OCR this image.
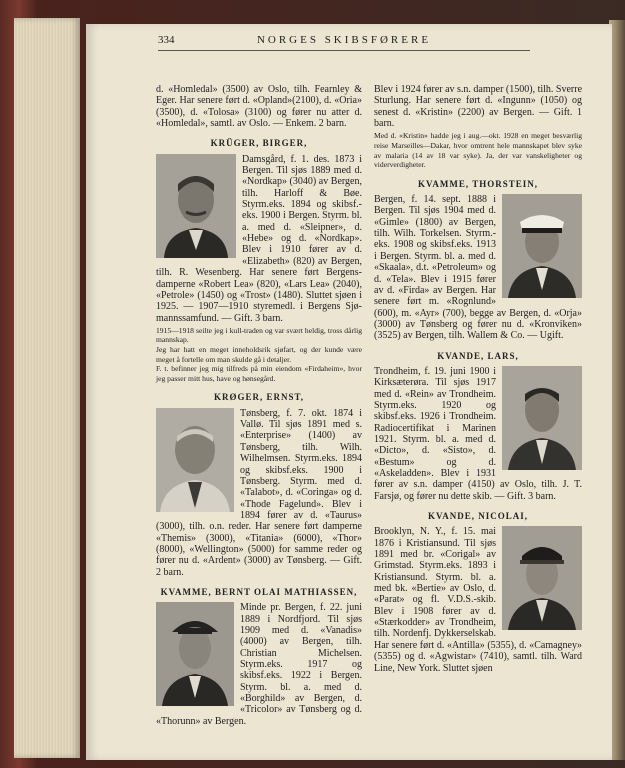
334	NORGES SKIBSFØRERE

d. «Homledal» (3500) av Oslo, tilh. Fearnley & Eger. Har senere ført d. «Opland»(2100), d. «Oria» (3500), d. «Tolosa» (3100) og fører nu atter d. «Homledal», samtl. av Oslo. — Enkem. 2 barn.

KRÜGER, BIRGER,

Damsgård, f. 1. des. 1873 i Bergen. Til sjøs 1889 med d. «Nordkap» (3040) av Bergen, tilh. Harloff & Bøe. Styrm.eks. 1894 og skibsf.-eks. 1900 i Bergen. Styrm. bl. a. med d. «Sleipner», d. «Hebe» og d. «Nordkap». Blev i 1910 fører av d. «Elizabeth» (820) av Bergen, tilh. R. Wesenberg. Har senere ført Bergens-damperne «Robert Lea» (820), «Lars Lea» (2040), «Petrole» (1450) og «Trost» (1480). Sluttet sjøen i 1925. — 1907—1910 styremedl. i Bergens Sjø-mannssamfund. — Gift. 3 barn.

1915—1918 seilte jeg i kull-traden og var svært heldig, tross dårlig mannskap.

Jeg har hatt en meget inneholdsrik sjøfart, og der kunde være meget å fortelle om man skulde gå i detaljer.

F. t. befinner jeg mig tilfreds på min eiendom «Firdaheim», hvor jeg passer mitt hus, have og hønsegård.

KRØGER, ERNST,

Tønsberg, f. 7. okt. 1874 i Vallø. Til sjøs 1891 med s. «Enterprise» (1400) av Tønsberg, tilh. Wilh. Wilhelmsen. Styrm.eks. 1894 og skibsf.eks. 1900 i Tønsberg. Styrm. med d. «Talabot», d. «Coringa» og d. «Thode Fagelund». Blev i 1894 fører av d. «Taurus» (3000), tilh. o.n. reder. Har senere ført damperne «Themis» (3000), «Titania» (6000), «Thor» (8000), «Wellington» (5000) for samme reder og fører nu d. «Ardent» (3000) av Tønsberg. — Gift. 2 barn.

KVAMME, BERNT OLAI MATHIASSEN,

Minde pr. Bergen, f. 22. juni 1889 i Nordfjord. Til sjøs 1909 med d. «Vanadis» (4000) av Bergen, tilh. Christian Michelsen. Styrm.eks. 1917 og skibsf.eks. 1922 i Bergen. Styrm. bl. a. med d. «Borghild» av Bergen, d. «Tricolor» av Tønsberg og d. «Thorunn» av Bergen.

Blev i 1924 fører av s.n. damper (1500), tilh. Sverre Sturlung. Har senere ført d. «Ingunn» (1050) og senest d. «Kristin» (2200) av Bergen. — Gift. 1 barn.

Med d. «Kristin» hadde jeg i aug.—okt. 1928 en meget besværlig reise Marseilles—Dakar, hvor omtrent hele mannskapet blev syke av malaria (14 av 18 var syke). Ja, der var vanskeligheter og viderverdigheter.
KVAMME, THORSTEIN,

Bergen, f. 14. sept. 1888 i Bergen. Til sjøs 1904 med d. «Gimle» (1800) av Bergen, tilh. Wilh. Torkelsen. Styrm.-eks. 1908 og skibsf.eks. 1913 i Bergen. Styrm. bl. a. med d. «Skaala», d.t. «Petroleum» og d. «Tela». Blev i 1915 fører av d. «Firda» av Bergen. Har senere ført m. «Rognlund» (600), m. «Ayr» (700), begge av Bergen, d. «Orja» (3000) av Tønsberg og fører nu d. «Kronviken» (3525) av Bergen, tilh. Wallem & Co. — Ugift.

KVANDE, LARS,

Trondheim, f. 19. juni 1900 i Kirksæterøra. Til sjøs 1917 med d. «Rein» av Trondheim. Styrm.eks. 1920 og skibsf.eks. 1926 i Trondheim. Radiocertifikat i Marinen 1921. Styrm. bl. a. med d. «Dicto», d. «Sisto», d. «Bestum» og d. «Askeladden». Blev i 1931 fører av s.n. damper (4150) av Oslo, tilh. J. T. Farsjø, og fører nu dette skib. — Gift. 3 barn.

KVANDE, NICOLAI,

Brooklyn, N. Y., f. 15. mai 1876 i Kristiansund. Til sjøs 1891 med br. «Corigal» av Grimstad. Styrm.eks. 1893 i Kristiansund. Styrm. bl. a. med bk. «Bertie» av Oslo, d. «Parat» og fl. V.D.S.-skib. Blev i 1908 fører av d. «Stærkodder» av Trondheim, tilh. Nordenfj. Dykkerselskab. Har senere ført d. «Antilla» (5355), d. «Camagney» (5355) og d. «Agwistar» (7410), samtl. tilh. Ward Line, New York. Sluttet sjøen
